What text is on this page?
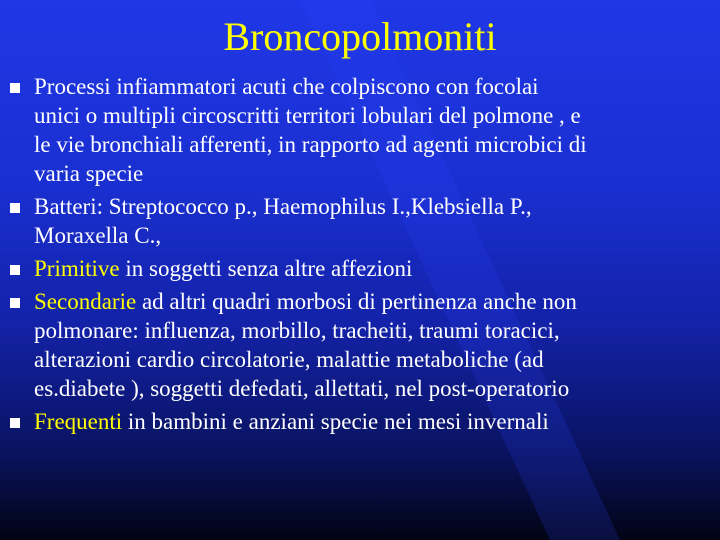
Broncopolmoniti
Processi infiammatori acuti che colpiscono con focolai
unici o multipli circoscritti territori lobulari del polmone , e
le vie bronchiali afferenti, in rapporto ad agenti microbici di
varia specie
Batteri: Streptococco p., Haemophilus I.,Klebsiella P.,
Moraxella C.,
Primitive in soggetti senza altre affezioni
Secondarie ad altri quadri morbosi di pertinenza anche non
polmonare: influenza, morbillo, tracheiti, traumi toracici,
alterazioni cardio circolatorie, malattie metaboliche (ad
es.diabete ), soggetti defedati, allettati, nel post-operatorio
Frequenti in bambini e anziani specie nei mesi invernali
